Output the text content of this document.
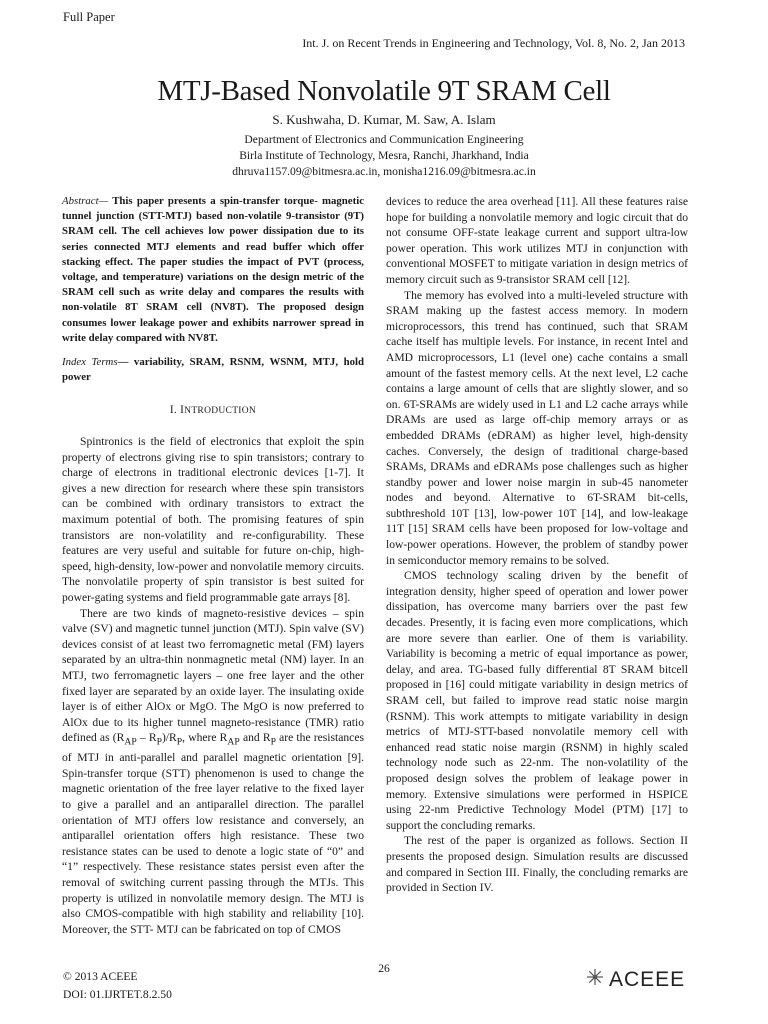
Full Paper
Int. J. on Recent Trends in Engineering and Technology, Vol. 8, No. 2, Jan 2013
MTJ-Based Nonvolatile 9T SRAM Cell
S. Kushwaha, D. Kumar, M. Saw, A. Islam
Department of Electronics and Communication Engineering
Birla Institute of Technology, Mesra, Ranchi, Jharkhand, India
dhruva1157.09@bitmesra.ac.in, monisha1216.09@bitmesra.ac.in

Abstract— This paper presents a spin-transfer torque- magnetic tunnel junction (STT-MTJ) based non-volatile 9-transistor (9T) SRAM cell. The cell achieves low power dissipation due to its series connected MTJ elements and read buffer which offer stacking effect. The paper studies the impact of PVT (process, voltage, and temperature) variations on the design metric of the SRAM cell such as write delay and compares the results with non-volatile 8T SRAM cell (NV8T). The proposed design consumes lower leakage power and exhibits narrower spread in write delay compared with NV8T.

Index Terms— variability, SRAM, RSNM, WSNM, MTJ, hold power

I. INTRODUCTION

Spintronics is the field of electronics that exploit the spin property of electrons giving rise to spin transistors; contrary to charge of electrons in traditional electronic devices [1-7]. It gives a new direction for research where these spin transistors can be combined with ordinary transistors to extract the maximum potential of both. The promising features of spin transistors are non-volatility and re-configurability. These features are very useful and suitable for future on-chip, high-speed, high-density, low-power and nonvolatile memory circuits. The nonvolatile property of spin transistor is best suited for power-gating systems and field programmable gate arrays [8].

There are two kinds of magneto-resistive devices – spin valve (SV) and magnetic tunnel junction (MTJ). Spin valve (SV) devices consist of at least two ferromagnetic metal (FM) layers separated by an ultra-thin nonmagnetic metal (NM) layer. In an MTJ, two ferromagnetic layers – one free layer and the other fixed layer are separated by an oxide layer. The insulating oxide layer is of either AlOx or MgO. The MgO is now preferred to AlOx due to its higher tunnel magneto-resistance (TMR) ratio defined as $(R_{AP} - R_P)/R_P$, where $R_{AP}$ and $R_P$ are the resistances of MTJ in anti-parallel and parallel magnetic orientation [9]. Spin-transfer torque (STT) phenomenon is used to change the magnetic orientation of the free layer relative to the fixed layer to give a parallel and an antiparallel direction. The parallel orientation of MTJ offers low resistance and conversely, an antiparallel orientation offers high resistance. These two resistance states can be used to denote a logic state of “0” and “1” respectively. These resistance states persist even after the removal of switching current passing through the MTJs. This property is utilized in nonvolatile memory design. The MTJ is also CMOS-compatible with high stability and reliability [10]. Moreover, the STT- MTJ can be fabricated on top of CMOS

devices to reduce the area overhead [11]. All these features raise hope for building a nonvolatile memory and logic circuit that do not consume OFF-state leakage current and support ultra-low power operation. This work utilizes MTJ in conjunction with conventional MOSFET to mitigate variation in design metrics of memory circuit such as 9-transistor SRAM cell [12].

The memory has evolved into a multi-leveled structure with SRAM making up the fastest access memory. In modern microprocessors, this trend has continued, such that SRAM cache itself has multiple levels. For instance, in recent Intel and AMD microprocessors, L1 (level one) cache contains a small amount of the fastest memory cells. At the next level, L2 cache contains a large amount of cells that are slightly slower, and so on. 6T-SRAMs are widely used in L1 and L2 cache arrays while DRAMs are used as large off-chip memory arrays or as embedded DRAMs (eDRAM) as higher level, high-density caches. Conversely, the design of traditional charge-based SRAMs, DRAMs and eDRAMs pose challenges such as higher standby power and lower noise margin in sub-45 nanometer nodes and beyond. Alternative to 6T-SRAM bit-cells, subthreshold 10T [13], low-power 10T [14], and low-leakage 11T [15] SRAM cells have been proposed for low-voltage and low-power operations. However, the problem of standby power in semiconductor memory remains to be solved.

CMOS technology scaling driven by the benefit of integration density, higher speed of operation and lower power dissipation, has overcome many barriers over the past few decades. Presently, it is facing even more complications, which are more severe than earlier. One of them is variability. Variability is becoming a metric of equal importance as power, delay, and area. TG-based fully differential 8T SRAM bitcell proposed in [16] could mitigate variability in design metrics of SRAM cell, but failed to improve read static noise margin (RSNM). This work attempts to mitigate variability in design metrics of MTJ-STT-based nonvolatile memory cell with enhanced read static noise margin (RSNM) in highly scaled technology node such as 22-nm. The non-volatility of the proposed design solves the problem of leakage power in memory. Extensive simulations were performed in HSPICE using 22-nm Predictive Technology Model (PTM) [17] to support the concluding remarks.

The rest of the paper is organized as follows. Section II presents the proposed design. Simulation results are discussed and compared in Section III. Finally, the concluding remarks are provided in Section IV.

© 2013 ACEEE
DOI: 01.IJRTET.8.2.50
26	ACEEE
